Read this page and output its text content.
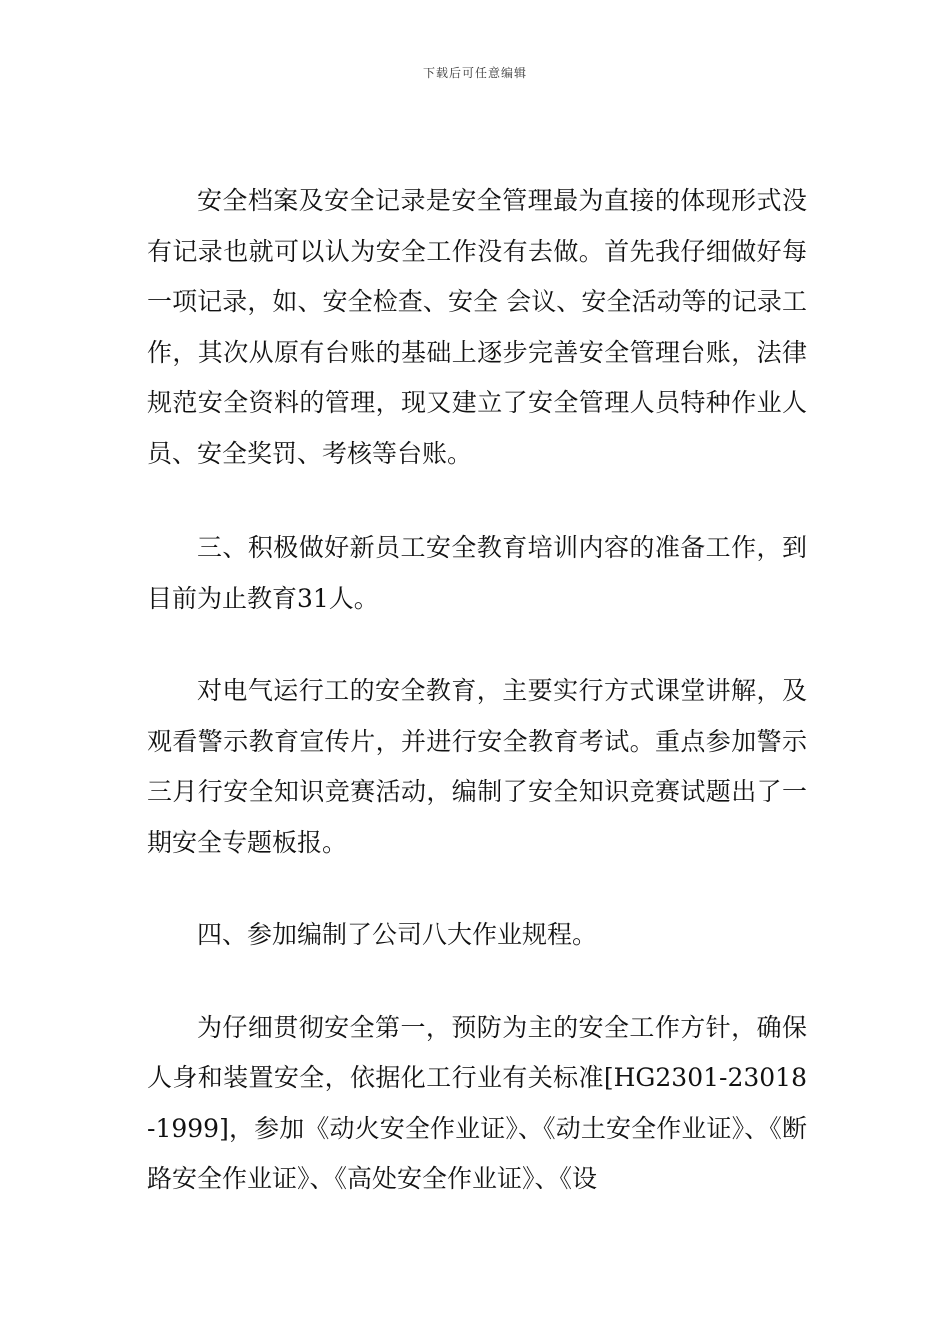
下载后可任意编辑

安全档案及安全记录是安全管理最为直接的体现形式没有记录也就可以认为安全工作没有去做。首先我仔细做好每一项记录，如、安全检查、安全 会议、安全活动等的记录工作，其次从原有台账的基础上逐步完善安全管理台账，法律规范安全资料的管理，现又建立了安全管理人员特种作业人员、安全奖罚、考核等台账。

三、积极做好新员工安全教育培训内容的准备工作，到目前为止教育31人。

对电气运行工的安全教育，主要实行方式课堂讲解，及观看警示教育宣传片，并进行安全教育考试。重点参加警示三月行安全知识竞赛活动，编制了安全知识竞赛试题出了一期安全专题板报。

四、参加编制了公司八大作业规程。

为仔细贯彻安全第一，预防为主的安全工作方针，确保人身和装置安全，依据化工行业有关标准[HG2301-23018-1999]，参加《动火安全作业证》、《动土安全作业证》、《断路安全作业证》、《高处安全作业证》、《设
